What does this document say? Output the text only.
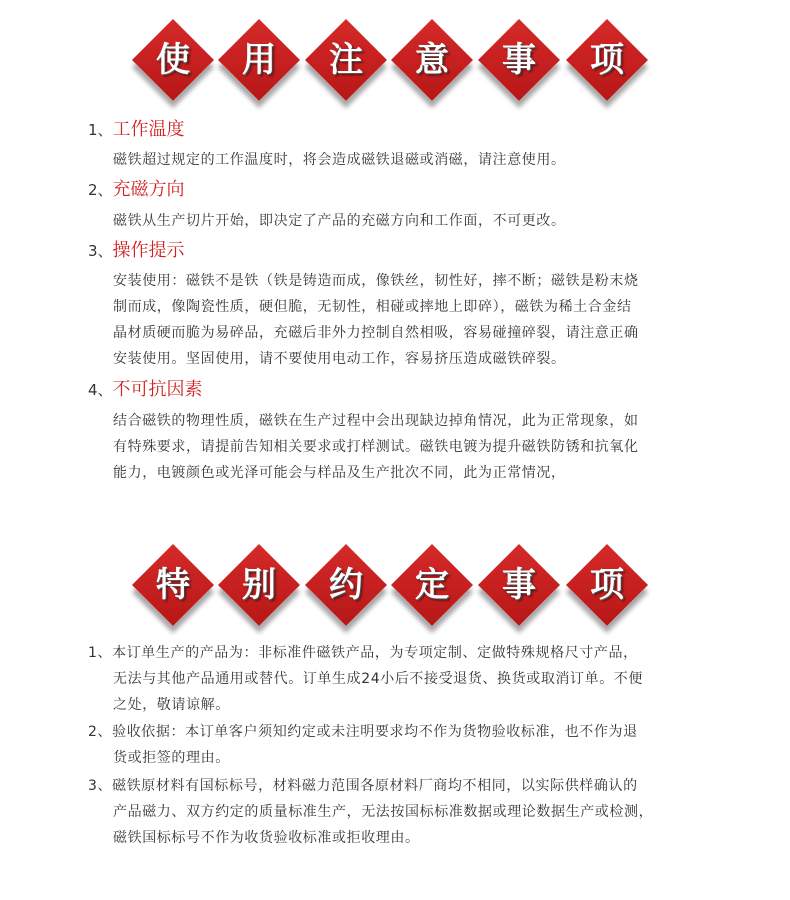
使	用	注	意	事	项
1、工作温度
磁铁超过规定的工作温度时，将会造成磁铁退磁或消磁，请注意使用。
2、充磁方向
磁铁从生产切片开始，即决定了产品的充磁方向和工作面，不可更改。
3、操作提示
安装使用：磁铁不是铁（铁是铸造而成，像铁丝，韧性好，摔不断；磁铁是粉末烧
制而成，像陶瓷性质，硬但脆，无韧性，相碰或摔地上即碎），磁铁为稀土合金结
晶材质硬而脆为易碎品，充磁后非外力控制自然相吸，容易碰撞碎裂，请注意正确
安装使用。坚固使用，请不要使用电动工作，容易挤压造成磁铁碎裂。
4、不可抗因素
结合磁铁的物理性质，磁铁在生产过程中会出现缺边掉角情况，此为正常现象，如
有特殊要求，请提前告知相关要求或打样测试。磁铁电镀为提升磁铁防锈和抗氧化
能力，电镀颜色或光泽可能会与样品及生产批次不同，此为正常情况，
特	别	约	定	事	项
1、本订单生产的产品为：非标准件磁铁产品，为专项定制、定做特殊规格尺寸产品，
无法与其他产品通用或替代。订单生成24小后不接受退货、换货或取消订单。不便
之处，敬请谅解。
2、验收依据：本订单客户须知约定或未注明要求均不作为货物验收标准，也不作为退
货或拒签的理由。
3、磁铁原材料有国标标号，材料磁力范围各原材料厂商均不相同，以实际供样确认的
产品磁力、双方约定的质量标准生产，无法按国标标准数据或理论数据生产或检测，
磁铁国标标号不作为收货验收标准或拒收理由。
